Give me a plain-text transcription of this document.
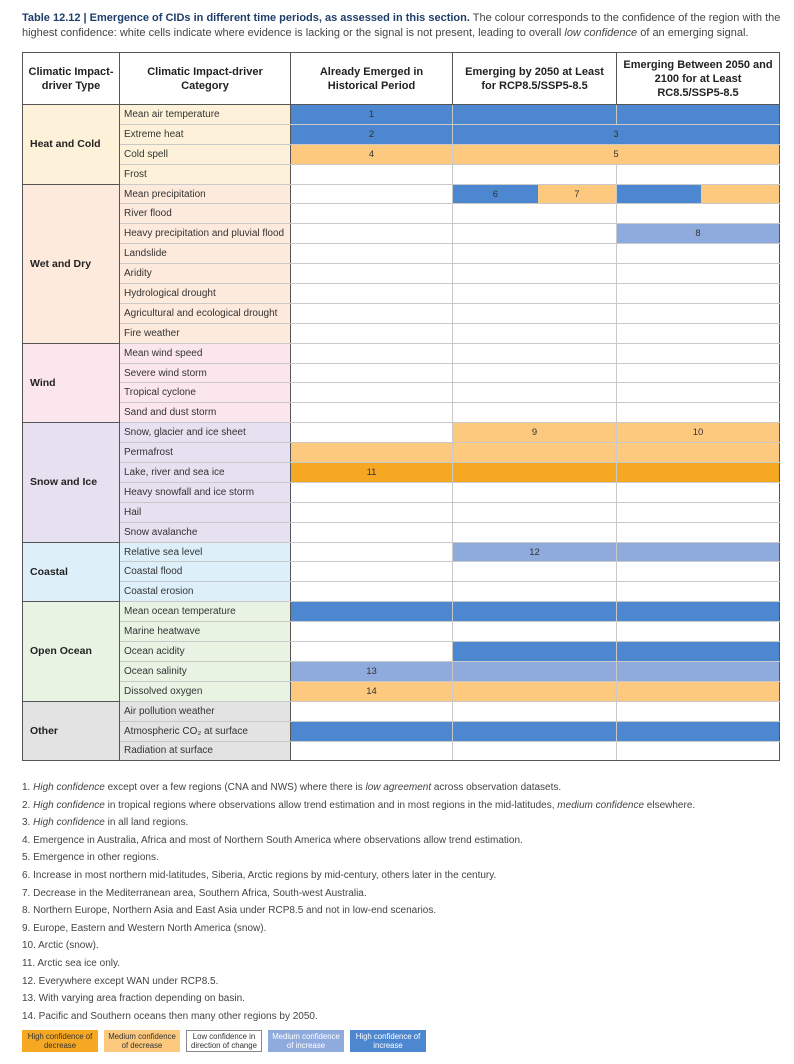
Table 12.12 | Emergence of CIDs in different time periods, as assessed in this section. The colour corresponds to the confidence of the region with the highest confidence: white cells indicate where evidence is lacking or the signal is not present, leading to overall low confidence of an emerging signal.
Climatic Impact-driver Type	Climatic Impact-driver Category	Already Emerged in Historical Period	Emerging by 2050 at Least for RCP8.5/SSP5-8.5	Emerging Between 2050 and 2100 for at Least RC8.5/SSP5-8.5
Heat and Cold	Mean air temperature	1		

	Extreme heat	2	3	

	Cold spell	4	5	

	Frost			
Wet and Dry	Mean precipitation		6 7	

	River flood			
	Heavy precipitation and pluvial flood			8

	Landslide			
	Aridity			
	Hydrological drought			
	Agricultural and ecological drought			
	Fire weather			
Wind	Mean wind speed			
	Severe wind storm			
	Tropical cyclone			
	Sand and dust storm			
Snow and Ice	Snow, glacier and ice sheet		9	10

	Permafrost			
	Lake, river and sea ice	11		

	Heavy snowfall and ice storm			
	Hail			
	Snow avalanche			
Coastal	Relative sea level		12	

	Coastal flood			
	Coastal erosion			
Open Ocean	Mean ocean temperature			
	Marine heatwave			
	Ocean acidity			
	Ocean salinity	13		

	Dissolved oxygen	14		

Other	Air pollution weather			
	Atmospheric CO₂ at surface			
	Radiation at surface			
1. High confidence except over a few regions (CNA and NWS) where there is low agreement across observation datasets.
2. High confidence in tropical regions where observations allow trend estimation and in most regions in the mid-latitudes, medium confidence elsewhere.
3. High confidence in all land regions.
4. Emergence in Australia, Africa and most of Northern South America where observations allow trend estimation.
5. Emergence in other regions.
6. Increase in most northern mid-latitudes, Siberia, Arctic regions by mid-century, others later in the century.
7. Decrease in the Mediterranean area, Southern Africa, South-west Australia.
8. Northern Europe, Northern Asia and East Asia under RCP8.5 and not in low-end scenarios.
9. Europe, Eastern and Western North America (snow).
10. Arctic (snow).
11. Arctic sea ice only.
12. Everywhere except WAN under RCP8.5.
13. With varying area fraction depending on basin.
14. Pacific and Southern oceans then many other regions by 2050.
High confidence of decrease
Medium confidence of decrease
Low confidence in direction of change
Medium confidence of increase
High confidence of increase
